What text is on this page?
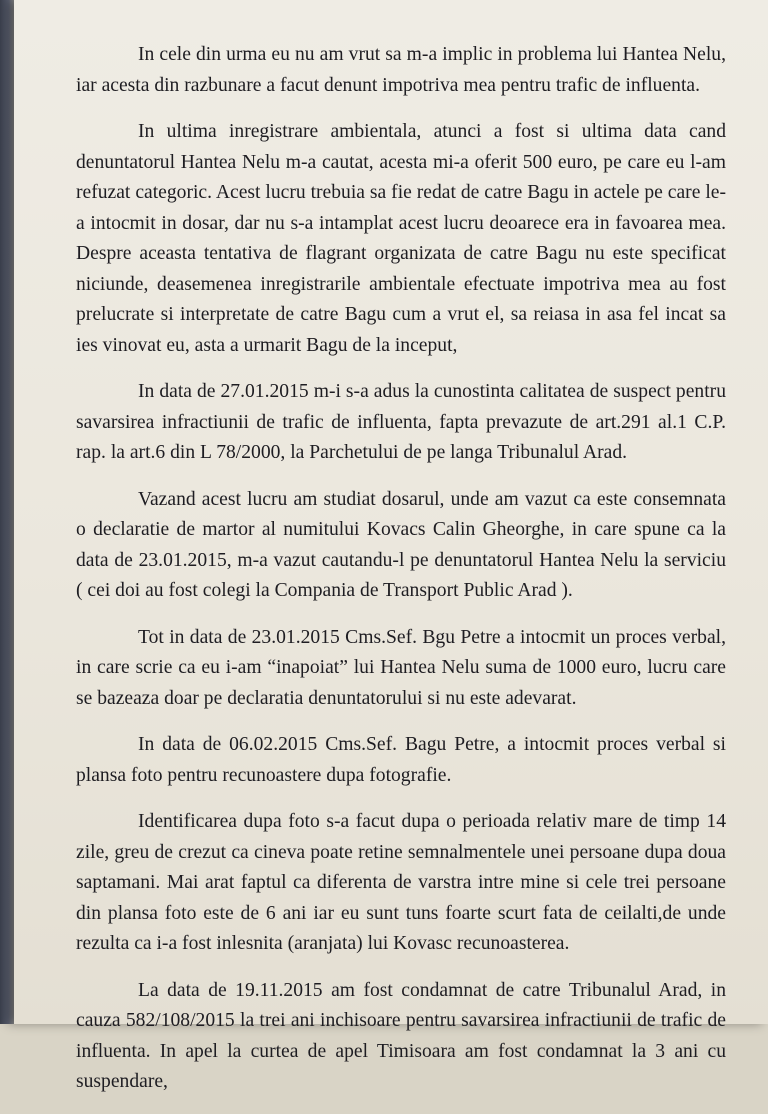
In cele din urma eu nu am vrut sa m-a implic in problema lui Hantea Nelu, iar acesta din razbunare a facut denunt impotriva mea pentru trafic de influenta.

In ultima inregistrare ambientala, atunci a fost si ultima data cand denuntatorul Hantea Nelu m-a cautat, acesta mi-a oferit 500 euro, pe care eu l-am refuzat categoric. Acest lucru trebuia sa fie redat de catre Bagu in actele pe care le-a intocmit in dosar, dar nu s-a intamplat acest lucru deoarece era in favoarea mea. Despre aceasta tentativa de flagrant organizata de catre Bagu nu este specificat niciunde, deasemenea inregistrarile ambientale efectuate impotriva mea au fost prelucrate si interpretate de catre Bagu cum a vrut el, sa reiasa in asa fel incat sa ies vinovat eu, asta a urmarit Bagu de la inceput,

In data de 27.01.2015 m-i s-a adus la cunostinta calitatea de suspect pentru savarsirea infractiunii de trafic de influenta, fapta prevazute de art.291 al.1 C.P. rap. la art.6 din L 78/2000, la Parchetului de pe langa Tribunalul Arad.

Vazand acest lucru am studiat dosarul, unde am vazut ca este consemnata o declaratie de martor al numitului Kovacs Calin Gheorghe, in care spune ca la data de 23.01.2015, m-a vazut cautandu-l pe denuntatorul Hantea Nelu la serviciu ( cei doi au fost colegi la Compania de Transport Public Arad ).

Tot in data de 23.01.2015 Cms.Sef. Bgu Petre a intocmit un proces verbal, in care scrie ca eu i-am “inapoiat” lui Hantea Nelu suma de 1000 euro, lucru care se bazeaza doar pe declaratia denuntatorului si nu este adevarat.

In data de 06.02.2015 Cms.Sef. Bagu Petre, a intocmit proces verbal si plansa foto pentru recunoastere dupa fotografie.

Identificarea dupa foto s-a facut dupa o perioada relativ mare de timp 14 zile, greu de crezut ca cineva poate retine semnalmentele unei persoane dupa doua saptamani. Mai arat faptul ca diferenta de varstra intre mine si cele trei persoane din plansa foto este de 6 ani iar eu sunt tuns foarte scurt fata de ceilalti,de unde rezulta ca i-a fost inlesnita (aranjata) lui Kovasc recunoasterea.

La data de 19.11.2015 am fost condamnat de catre Tribunalul Arad, in cauza 582/108/2015 la trei ani inchisoare pentru savarsirea infractiunii de trafic de influenta. In apel la curtea de apel Timisoara am fost condamnat la 3 ani cu suspendare,
